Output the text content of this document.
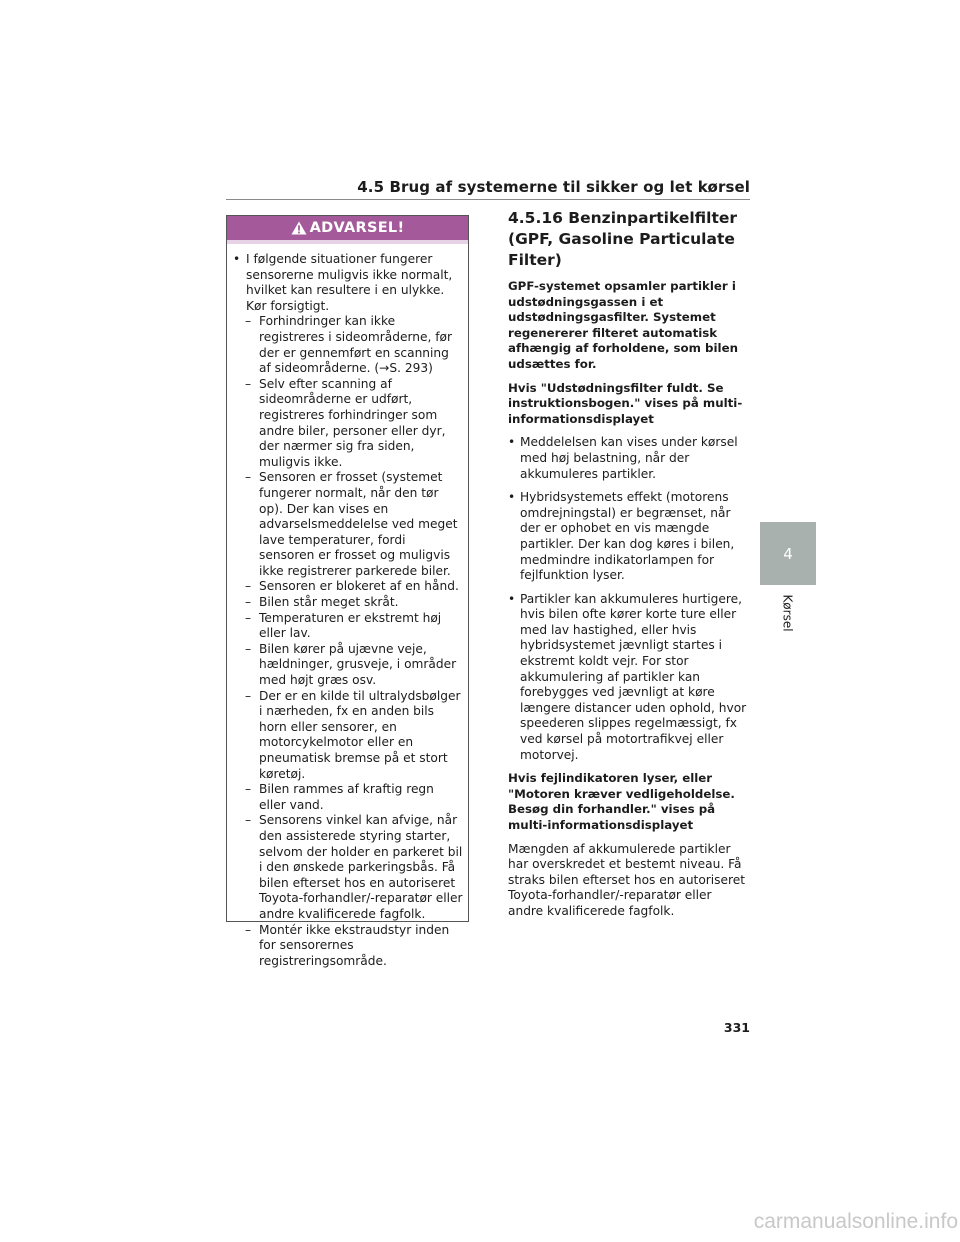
4.5 Brug af systemerne til sikker og let kørsel
ADVARSEL!
• I følgende situationer fungerer sensorerne muligvis ikke normalt, hvilket kan resultere i en ulykke. Kør forsigtigt.
– Forhindringer kan ikke registreres i sideområderne, før der er gennemført en scanning af sideområderne. (→S. 293)
– Selv efter scanning af sideområderne er udført, registreres forhindringer som andre biler, personer eller dyr, der nærmer sig fra siden, muligvis ikke.
– Sensoren er frosset (systemet fungerer normalt, når den tør op). Der kan vises en advarselsmeddelelse ved meget lave temperaturer, fordi sensoren er frosset og muligvis ikke registrerer parkerede biler.
– Sensoren er blokeret af en hånd.
– Bilen står meget skråt.
– Temperaturen er ekstremt høj eller lav.
– Bilen kører på ujævne veje, hældninger, grusveje, i områder med højt græs osv.
– Der er en kilde til ultralydsbølger i nærheden, fx en anden bils horn eller sensorer, en motorcykelmotor eller en pneumatisk bremse på et stort køretøj.
– Bilen rammes af kraftig regn eller vand.
– Sensorens vinkel kan afvige, når den assisterede styring starter, selvom der holder en parkeret bil i den ønskede parkeringsbås. Få bilen efterset hos en autoriseret Toyota-forhandler/-reparatør eller andre kvalificerede fagfolk.
– Montér ikke ekstraudstyr inden for sensorernes registreringsområde.
4.5.16 Benzinpartikelfilter (GPF, Gasoline Particulate Filter)

GPF-systemet opsamler partikler i udstødningsgassen i et udstødningsgasfilter. Systemet regenererer filteret automatisk afhængig af forholdene, som bilen udsættes for.

Hvis "Udstødningsfilter fuldt. Se instruktionsbogen." vises på multi-informationsdisplayet

• Meddelelsen kan vises under kørsel med høj belastning, når der akkumuleres partikler.
• Hybridsystemets effekt (motorens omdrejningstal) er begrænset, når der er ophobet en vis mængde partikler. Der kan dog køres i bilen, medmindre indikatorlampen for fejlfunktion lyser.
• Partikler kan akkumuleres hurtigere, hvis bilen ofte kører korte ture eller med lav hastighed, eller hvis hybridsystemet jævnligt startes i ekstremt koldt vejr. For stor akkumulering af partikler kan forebygges ved jævnligt at køre længere distancer uden ophold, hvor speederen slippes regelmæssigt, fx ved kørsel på motortrafikvej eller motorvej.

Hvis fejlindikatoren lyser, eller "Motoren kræver vedligeholdelse. Besøg din forhandler." vises på multi-informationsdisplayet

Mængden af akkumulerede partikler har overskredet et bestemt niveau. Få straks bilen efterset hos en autoriseret Toyota-forhandler/-reparatør eller andre kvalificerede fagfolk.

4
Kørsel
331
carmanualsonline.info
